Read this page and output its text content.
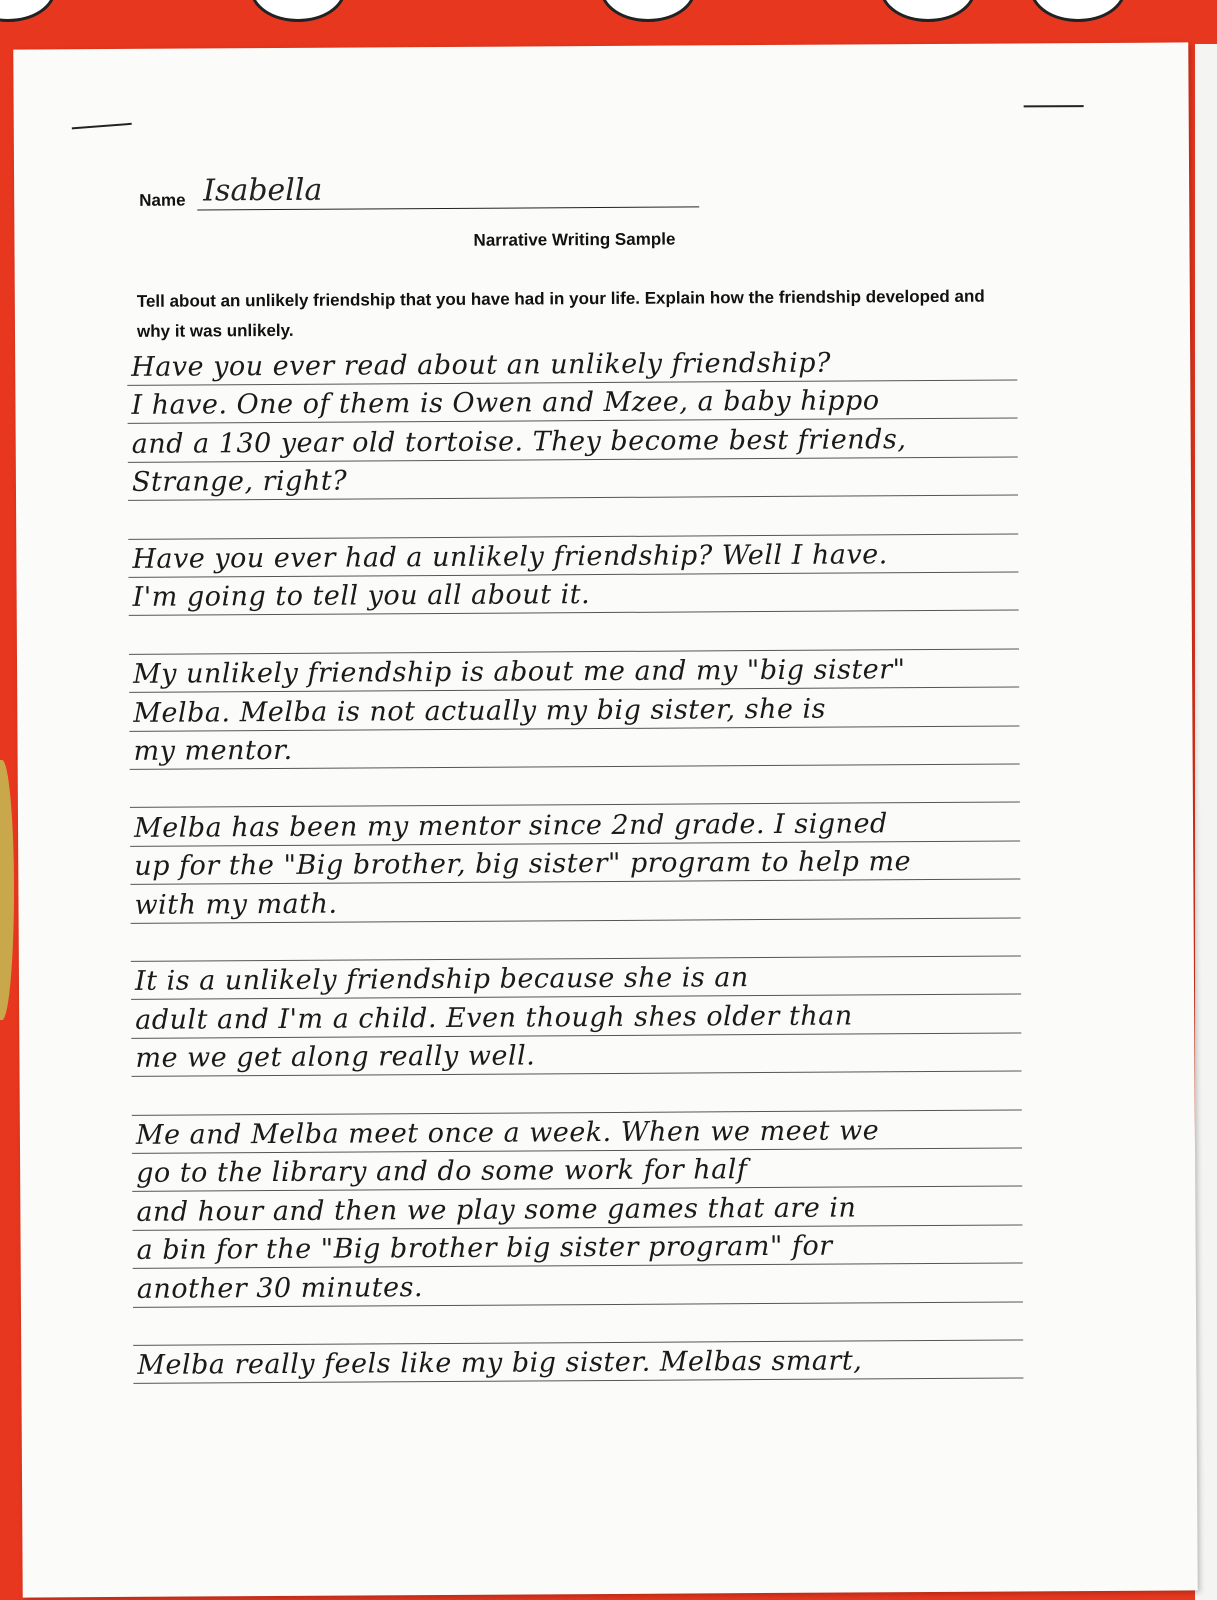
Name Isabella
Narrative Writing Sample
Tell about an unlikely friendship that you have had in your life. Explain how the friendship developed and why it was unlikely.
Have you ever read about an unlikely friendship?
I have. One of them is Owen and Mzee, a baby hippo
and a 130 year old tortoise. They become best friends,
Strange, right?
Have you ever had a unlikely friendship? Well I have.
I'm going to tell you all about it.
My unlikely friendship is about me and my "big sister"
Melba. Melba is not actually my big sister, she is
my mentor.
Melba has been my mentor since 2nd grade. I signed
up for the "Big brother, big sister" program to help me
with my math.
It is a unlikely friendship because she is an
adult and I'm a child. Even though shes older than
me we get along really well.
Me and Melba meet once a week. When we meet we
go to the library and do some work for half
and hour and then we play some games that are in
a bin for the "Big brother big sister program" for
another 30 minutes.
Melba really feels like my big sister. Melbas smart,
